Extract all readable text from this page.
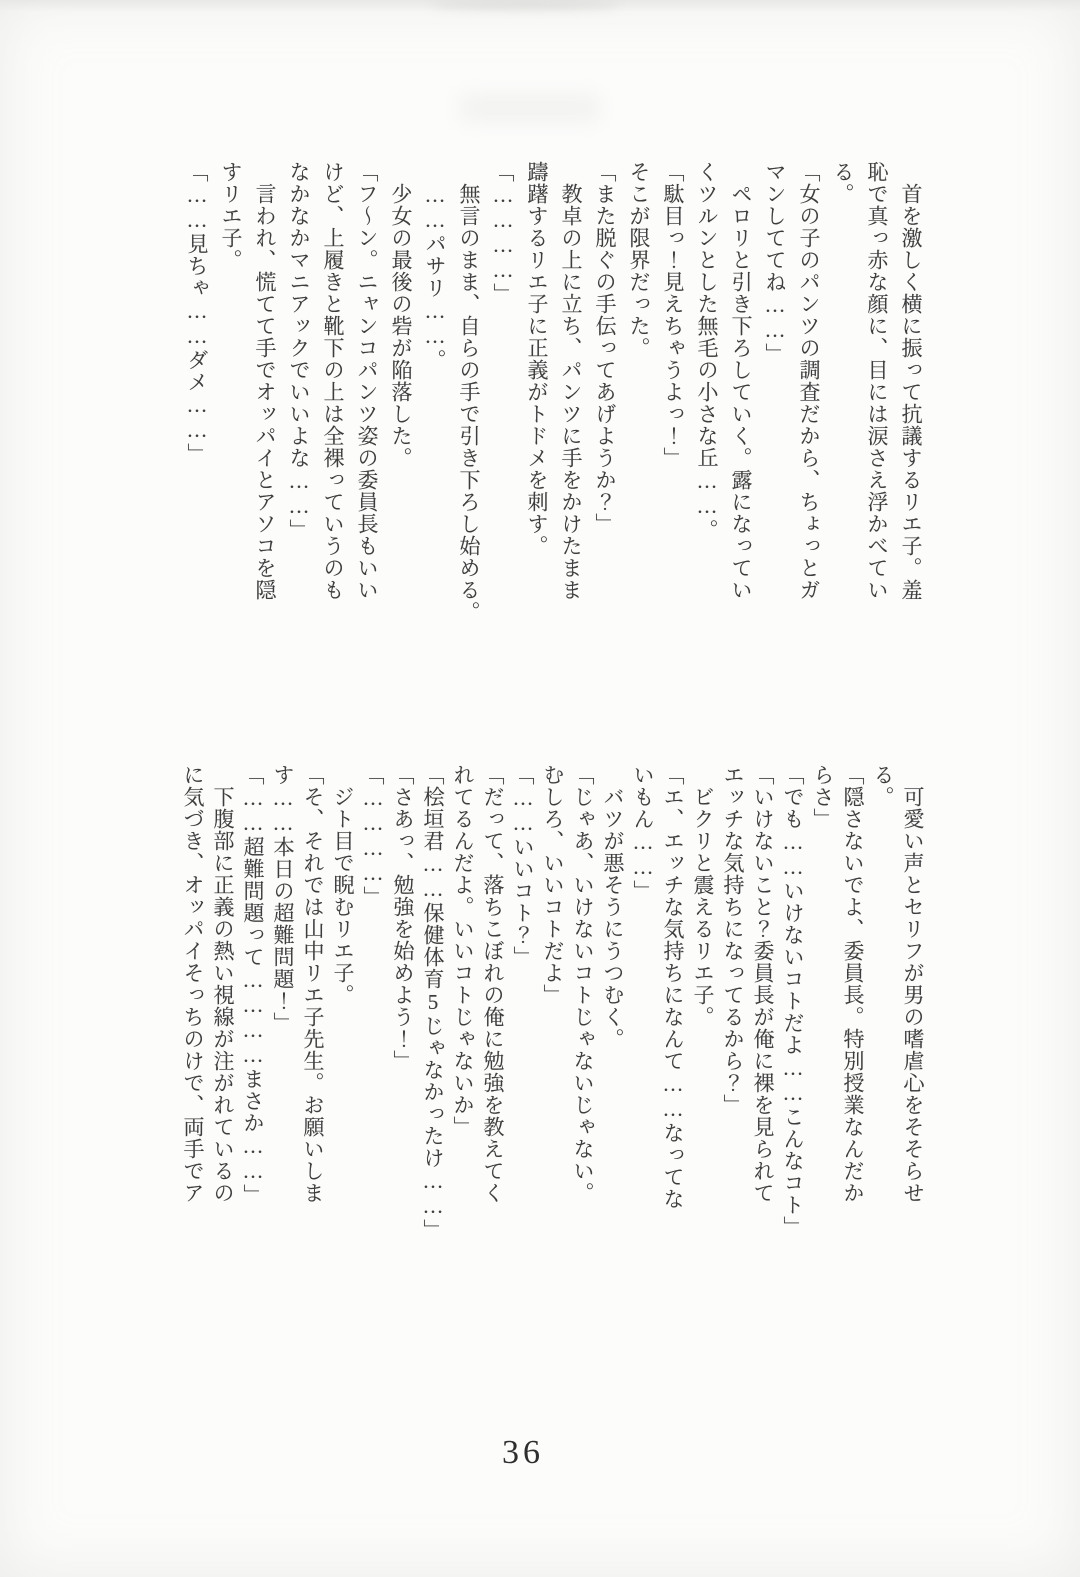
首を激しく横に振って抗議するリエ子。羞

恥で真っ赤な顔に、目には涙さえ浮かべてい

る。

「女の子のパンツの調査だから、ちょっとガ

マンしててね……」

ペロリと引き下ろしていく。露になってい

くツルンとした無毛の小さな丘……。

「駄目っ！見えちゃうよっ！」

そこが限界だった。

「また脱ぐの手伝ってあげようか？」

教卓の上に立ち、パンツに手をかけたまま

躊躇するリエ子に正義がトドメを刺す。

「…………」

無言のまま、自らの手で引き下ろし始める。

……パサリ……。

少女の最後の砦が陥落した。

「フ～ン。ニャンコパンツ姿の委員長もいい

けど、上履きと靴下の上は全裸っていうのも

なかなかマニアックでいいよな……」

言われ、慌てて手でオッパイとアソコを隠

すリエ子。

「……見ちゃ……ダメ……」

可愛い声とセリフが男の嗜虐心をそそらせ

る。

「隠さないでよ、委員長。特別授業なんだか

らさ」

「でも……いけないコトだよ……こんなコト」

「いけないこと？委員長が俺に裸を見られて

エッチな気持ちになってるから？」

ビクリと震えるリエ子。

「エ、エッチな気持ちになんて……なってな

いもん……」

バツが悪そうにうつむく。

「じゃあ、いけないコトじゃないじゃない。

むしろ、いいコトだよ」

「……いいコト？」

「だって、落ちこぼれの俺に勉強を教えてく

れてるんだよ。いいコトじゃないか」

「桧垣君……保健体育5じゃなかったけ……」

「さあっ、勉強を始めよう！」

「…………」

ジト目で睨むリエ子。

「そ、それでは山中リエ子先生。お願いしま

す……本日の超難問題！」

「……超難問題って…………まさか……」

下腹部に正義の熱い視線が注がれているの

に気づき、オッパイそっちのけで、両手でア

36
